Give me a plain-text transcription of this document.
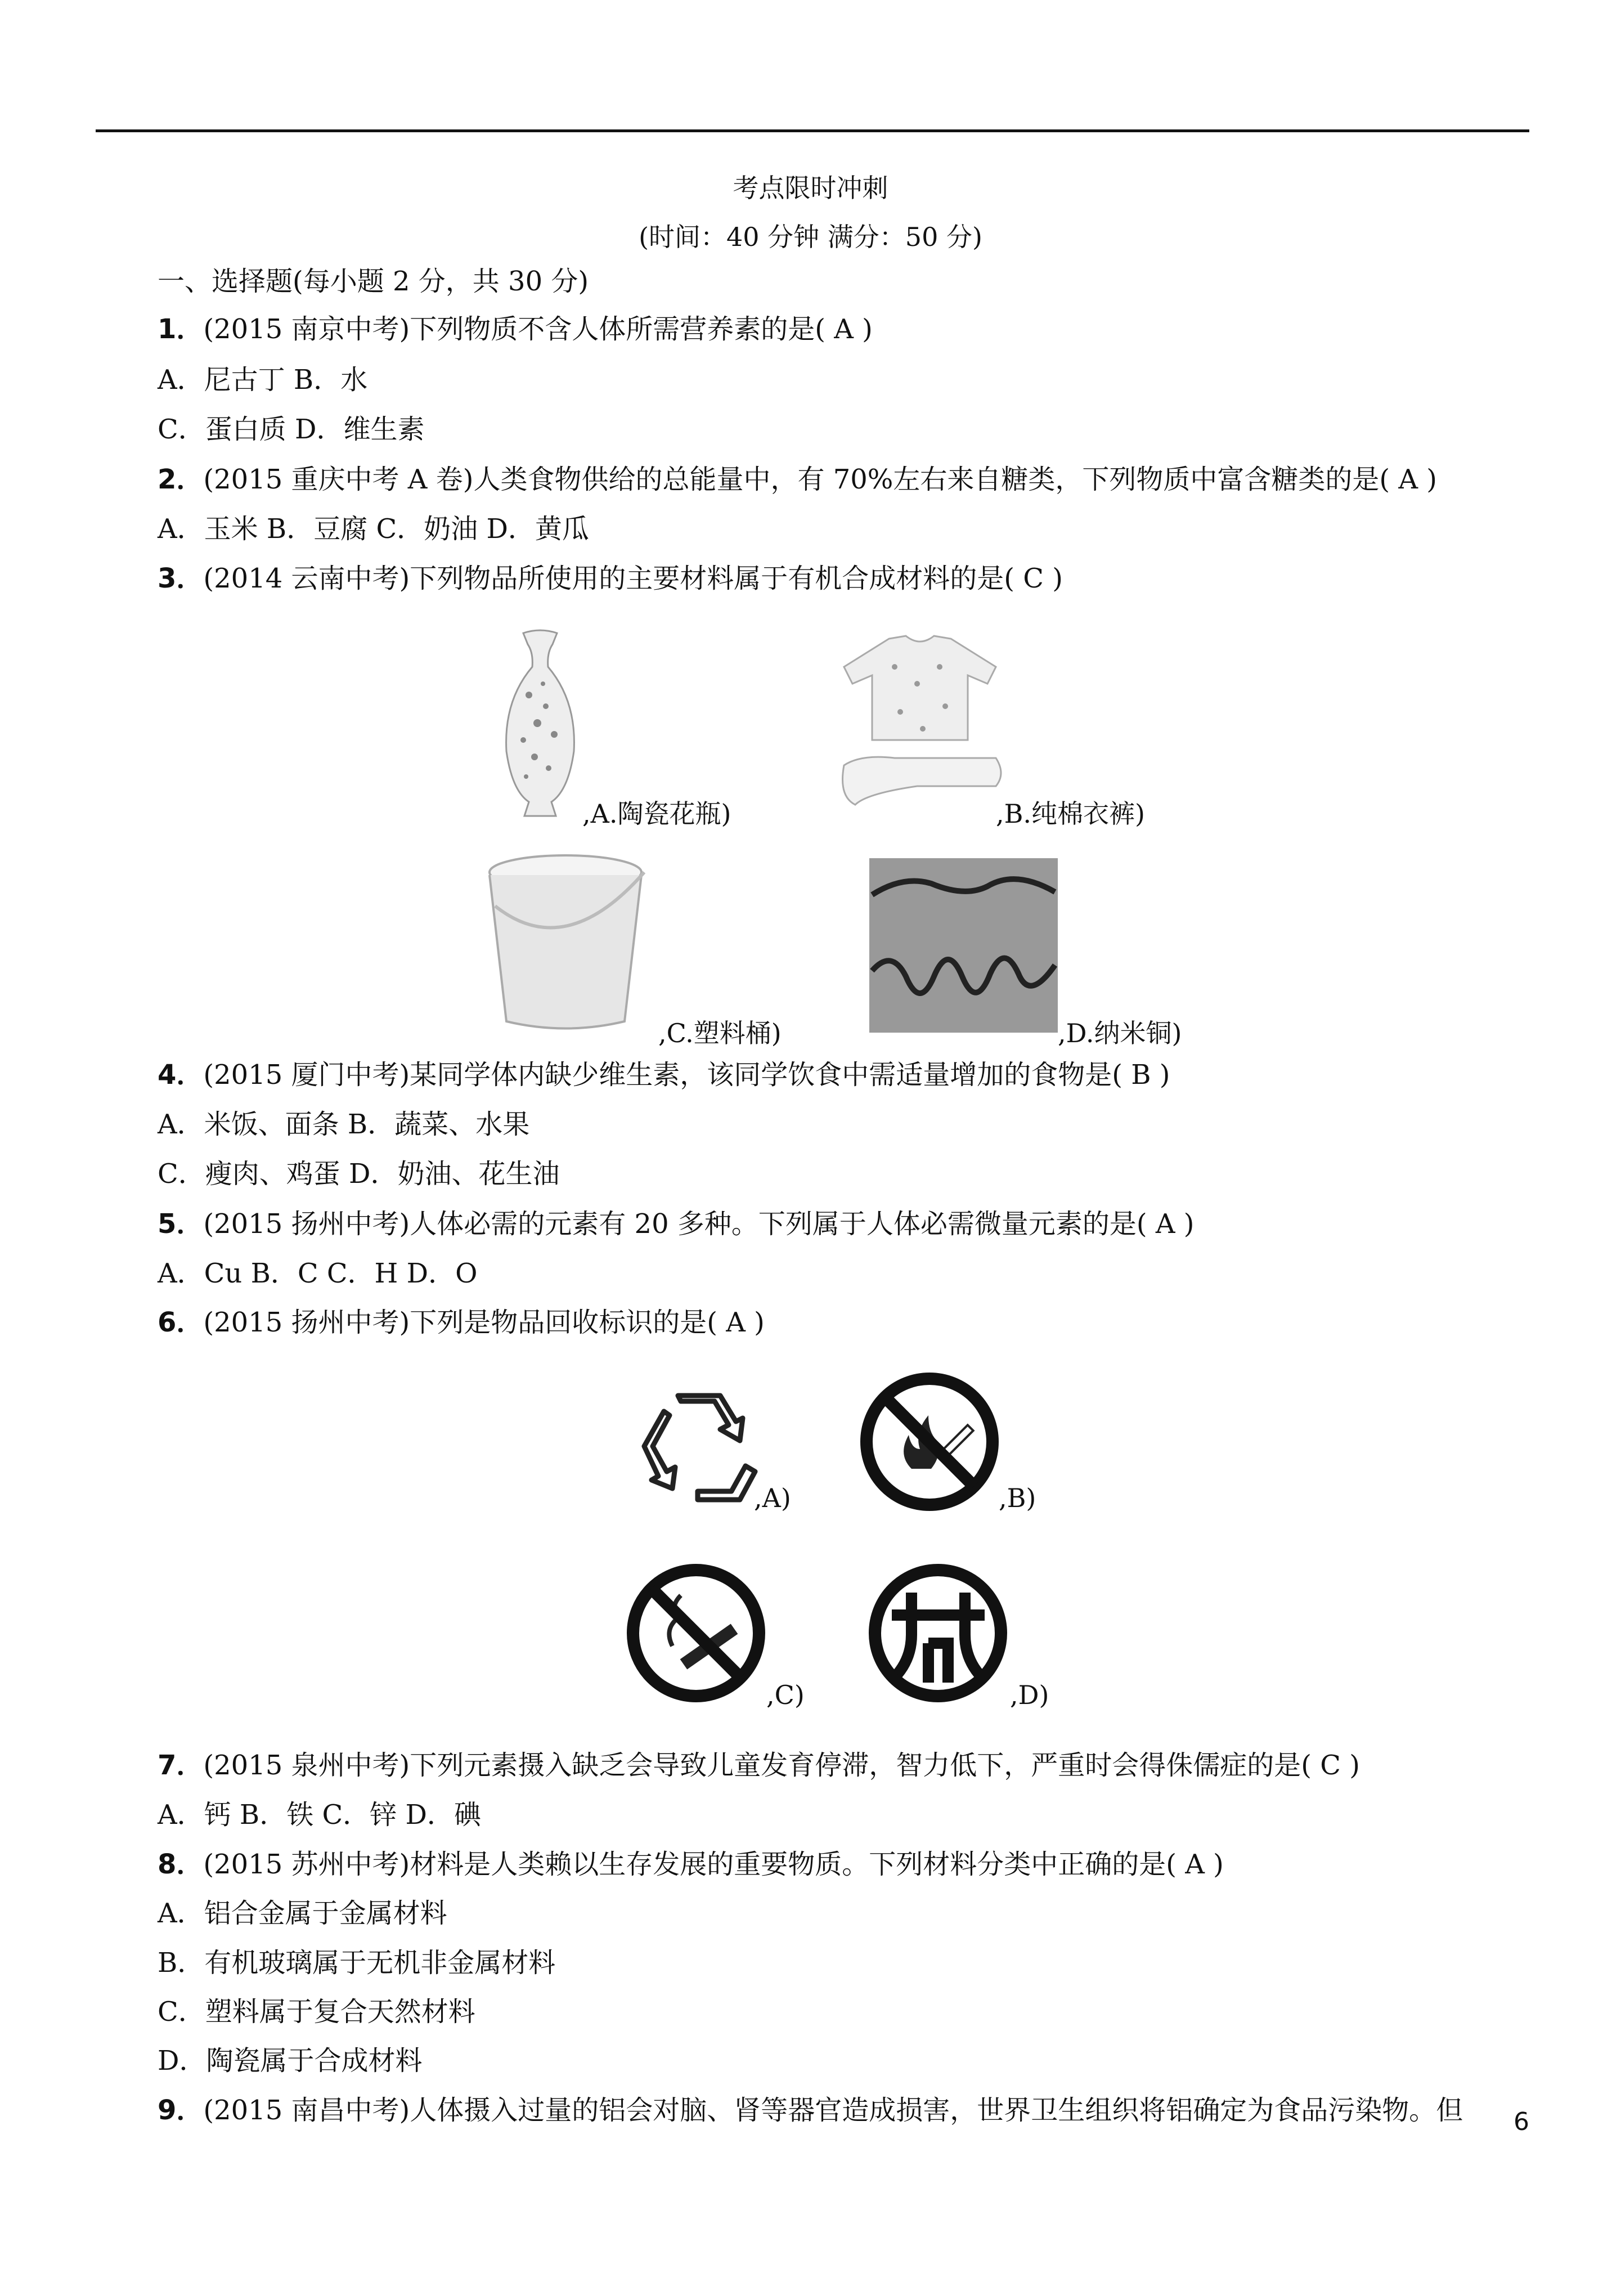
考点限时冲刺
(时间：40 分钟 满分：50 分)
一、选择题(每小题 2 分，共 30 分)
1．(2015 南京中考)下列物质不含人体所需营养素的是( A )
A．尼古丁 B．水
C．蛋白质 D．维生素
2．(2015 重庆中考 A 卷)人类食物供给的总能量中，有 70%左右来自糖类，下列物质中富含糖类的是( A )
A．玉米 B．豆腐 C．奶油 D．黄瓜
3．(2014 云南中考)下列物品所使用的主要材料属于有机合成材料的是( C )
,A.陶瓷花瓶)	,B.纯棉衣裤)
,C.塑料桶)	,D.纳米铜)
4．(2015 厦门中考)某同学体内缺少维生素，该同学饮食中需适量增加的食物是( B )
A．米饭、面条 B．蔬菜、水果
C．瘦肉、鸡蛋 D．奶油、花生油
5．(2015 扬州中考)人体必需的元素有 20 多种。下列属于人体必需微量元素的是( A )
A．Cu B．C C．H D．O
6．(2015 扬州中考)下列是物品回收标识的是( A )
,A)	,B)
,C)	,D)
7．(2015 泉州中考)下列元素摄入缺乏会导致儿童发育停滞，智力低下，严重时会得侏儒症的是( C )
A．钙 B．铁 C．锌 D．碘
8．(2015 苏州中考)材料是人类赖以生存发展的重要物质。下列材料分类中正确的是( A )
A．铝合金属于金属材料
B．有机玻璃属于无机非金属材料
C．塑料属于复合天然材料
D．陶瓷属于合成材料
9．(2015 南昌中考)人体摄入过量的铝会对脑、肾等器官造成损害，世界卫生组织将铝确定为食品污染物。但 6
